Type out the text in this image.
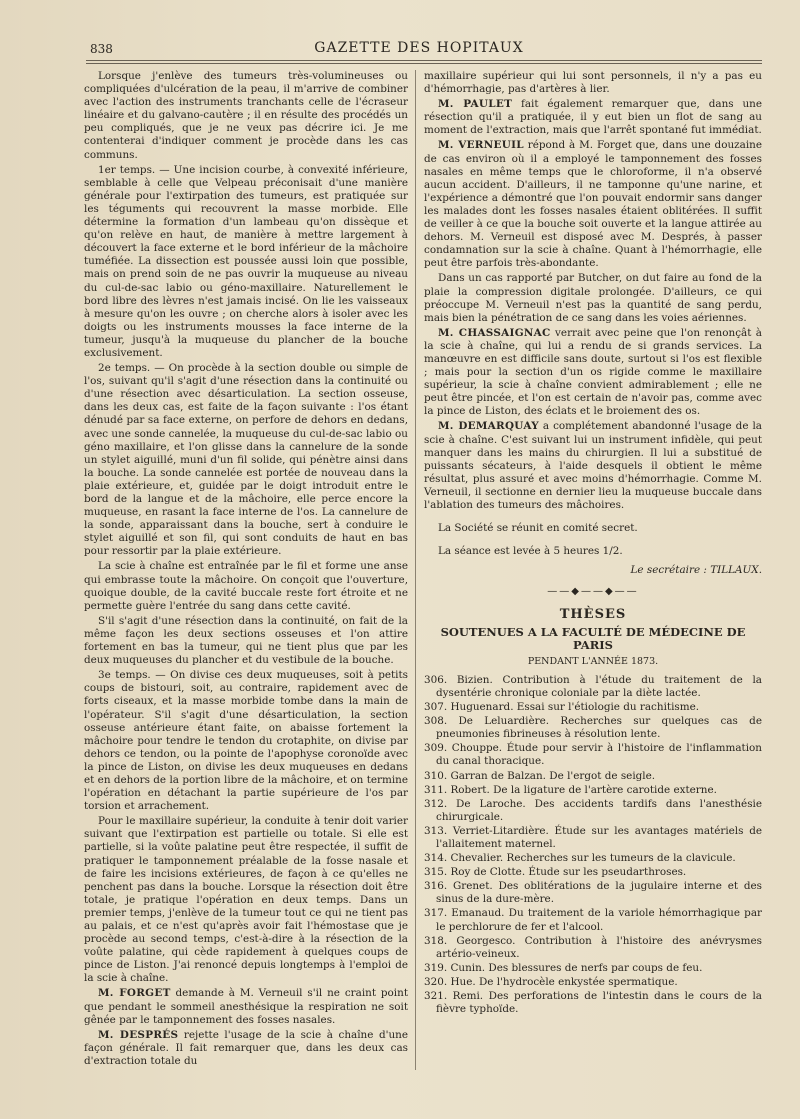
838	GAZETTE DES HOPITAUX

Lorsque j'enlève des tumeurs très-volumineuses ou compliquées d'ulcération de la peau, il m'arrive de combiner avec l'action des instruments tranchants celle de l'écraseur linéaire et du galvano-cautère ; il en résulte des procédés un peu compliqués, que je ne veux pas décrire ici. Je me contenterai d'indiquer comment je procède dans les cas communs.

1er temps. — Une incision courbe, à convexité inférieure, semblable à celle que Velpeau préconisait d'une manière générale pour l'extirpation des tumeurs, est pratiquée sur les téguments qui recouvrent la masse morbide. Elle détermine la formation d'un lambeau qu'on dissèque et qu'on relève en haut, de manière à mettre largement à découvert la face externe et le bord inférieur de la mâchoire tuméfiée. La dissection est poussée aussi loin que possible, mais on prend soin de ne pas ouvrir la muqueuse au niveau du cul-de-sac labio ou géno-maxillaire. Naturellement le bord libre des lèvres n'est jamais incisé. On lie les vaisseaux à mesure qu'on les ouvre ; on cherche alors à isoler avec les doigts ou les instruments mousses la face interne de la tumeur, jusqu'à la muqueuse du plancher de la bouche exclusivement.

2e temps. — On procède à la section double ou simple de l'os, suivant qu'il s'agit d'une résection dans la continuité ou d'une résection avec désarticulation. La section osseuse, dans les deux cas, est faite de la façon suivante : l'os étant dénudé par sa face externe, on perfore de dehors en dedans, avec une sonde cannelée, la muqueuse du cul-de-sac labio ou géno maxillaire, et l'on glisse dans la cannelure de la sonde un stylet aiguillé, muni d'un fil solide, qui pénètre ainsi dans la bouche. La sonde cannelée est portée de nouveau dans la plaie extérieure, et, guidée par le doigt introduit entre le bord de la langue et de la mâchoire, elle perce encore la muqueuse, en rasant la face interne de l'os. La cannelure de la sonde, apparaissant dans la bouche, sert à conduire le stylet aiguillé et son fil, qui sont conduits de haut en bas pour ressortir par la plaie extérieure.

La scie à chaîne est entraînée par le fil et forme une anse qui embrasse toute la mâchoire. On conçoit que l'ouverture, quoique double, de la cavité buccale reste fort étroite et ne permette guère l'entrée du sang dans cette cavité.

S'il s'agit d'une résection dans la continuité, on fait de la même façon les deux sections osseuses et l'on attire fortement en bas la tumeur, qui ne tient plus que par les deux muqueuses du plancher et du vestibule de la bouche.

3e temps. — On divise ces deux muqueuses, soit à petits coups de bistouri, soit, au contraire, rapidement avec de forts ciseaux, et la masse morbide tombe dans la main de l'opérateur. S'il s'agit d'une désarticulation, la section osseuse antérieure étant faite, on abaisse fortement la mâchoire pour tendre le tendon du crotaphite, on divise par dehors ce tendon, ou la pointe de l'apophyse coronoïde avec la pince de Liston, on divise les deux muqueuses en dedans et en dehors de la portion libre de la mâchoire, et on termine l'opération en détachant la partie supérieure de l'os par torsion et arrachement.

Pour le maxillaire supérieur, la conduite à tenir doit varier suivant que l'extirpation est partielle ou totale. Si elle est partielle, si la voûte palatine peut être respectée, il suffit de pratiquer le tamponnement préalable de la fosse nasale et de faire les incisions extérieures, de façon à ce qu'elles ne penchent pas dans la bouche. Lorsque la résection doit être totale, je pratique l'opération en deux temps. Dans un premier temps, j'enlève de la tumeur tout ce qui ne tient pas au palais, et ce n'est qu'après avoir fait l'hémostase que je procède au second temps, c'est-à-dire à la résection de la voûte palatine, qui cède rapidement à quelques coups de pince de Liston. J'ai renoncé depuis longtemps à l'emploi de la scie à chaîne.

M. FORGET demande à M. Verneuil s'il ne craint point que pendant le sommeil anesthésique la respiration ne soit gênée par le tamponnement des fosses nasales.

M. DESPRÉS rejette l'usage de la scie à chaîne d'une façon générale. Il fait remarquer que, dans les deux cas d'extraction totale du

maxillaire supérieur qui lui sont personnels, il n'y a pas eu d'hémorrhagie, pas d'artères à lier.

M. PAULET fait également remarquer que, dans une résection qu'il a pratiquée, il y eut bien un flot de sang au moment de l'extraction, mais que l'arrêt spontané fut immédiat.

M. VERNEUIL répond à M. Forget que, dans une douzaine de cas environ où il a employé le tamponnement des fosses nasales en même temps que le chloroforme, il n'a observé aucun accident. D'ailleurs, il ne tamponne qu'une narine, et l'expérience a démontré que l'on pouvait endormir sans danger les malades dont les fosses nasales étaient oblitérées. Il suffit de veiller à ce que la bouche soit ouverte et la langue attirée au dehors. M. Verneuil est disposé avec M. Després, à passer condamnation sur la scie à chaîne. Quant à l'hémorrhagie, elle peut être parfois très-abondante.

Dans un cas rapporté par Butcher, on dut faire au fond de la plaie la compression digitale prolongée. D'ailleurs, ce qui préoccupe M. Verneuil n'est pas la quantité de sang perdu, mais bien la pénétration de ce sang dans les voies aériennes.

M. CHASSAIGNAC verrait avec peine que l'on renonçât à la scie à chaîne, qui lui a rendu de si grands services. La manœuvre en est difficile sans doute, surtout si l'os est flexible ; mais pour la section d'un os rigide comme le maxillaire supérieur, la scie à chaîne convient admirablement ; elle ne peut être pincée, et l'on est certain de n'avoir pas, comme avec la pince de Liston, des éclats et le broiement des os.

M. DEMARQUAY a complétement abandonné l'usage de la scie à chaîne. C'est suivant lui un instrument infidèle, qui peut manquer dans les mains du chirurgien. Il lui a substitué de puissants sécateurs, à l'aide desquels il obtient le même résultat, plus assuré et avec moins d'hémorrhagie. Comme M. Verneuil, il sectionne en dernier lieu la muqueuse buccale dans l'ablation des tumeurs des mâchoires.

La Société se réunit en comité secret.

La séance est levée à 5 heures 1/2.

Le secrétaire : TILLAUX.
——◆——◆——
THÈSES
SOUTENUES A LA FACULTÉ DE MÉDECINE DE PARIS
PENDANT L'ANNÉE 1873.
306. Bizien. Contribution à l'étude du traitement de la dysentérie chronique coloniale par la diète lactée.
307. Huguenard. Essai sur l'étiologie du rachitisme.
308. De Leluardière. Recherches sur quelques cas de pneumonies fibrineuses à résolution lente.
309. Chouppe. Étude pour servir à l'histoire de l'inflammation du canal thoracique.
310. Garran de Balzan. De l'ergot de seigle.
311. Robert. De la ligature de l'artère carotide externe.
312. De Laroche. Des accidents tardifs dans l'anesthésie chirurgicale.
313. Verriet-Litardière. Étude sur les avantages matériels de l'allaitement maternel.
314. Chevalier. Recherches sur les tumeurs de la clavicule.
315. Roy de Clotte. Étude sur les pseudarthroses.
316. Grenet. Des oblitérations de la jugulaire interne et des sinus de la dure-mère.
317. Emanaud. Du traitement de la variole hémorrhagique par le perchlorure de fer et l'alcool.
318. Georgesco. Contribution à l'histoire des anévrysmes artério-veineux.
319. Cunin. Des blessures de nerfs par coups de feu.
320. Hue. De l'hydrocèle enkystée spermatique.
321. Remi. Des perforations de l'intestin dans le cours de la fièvre typhoïde.
